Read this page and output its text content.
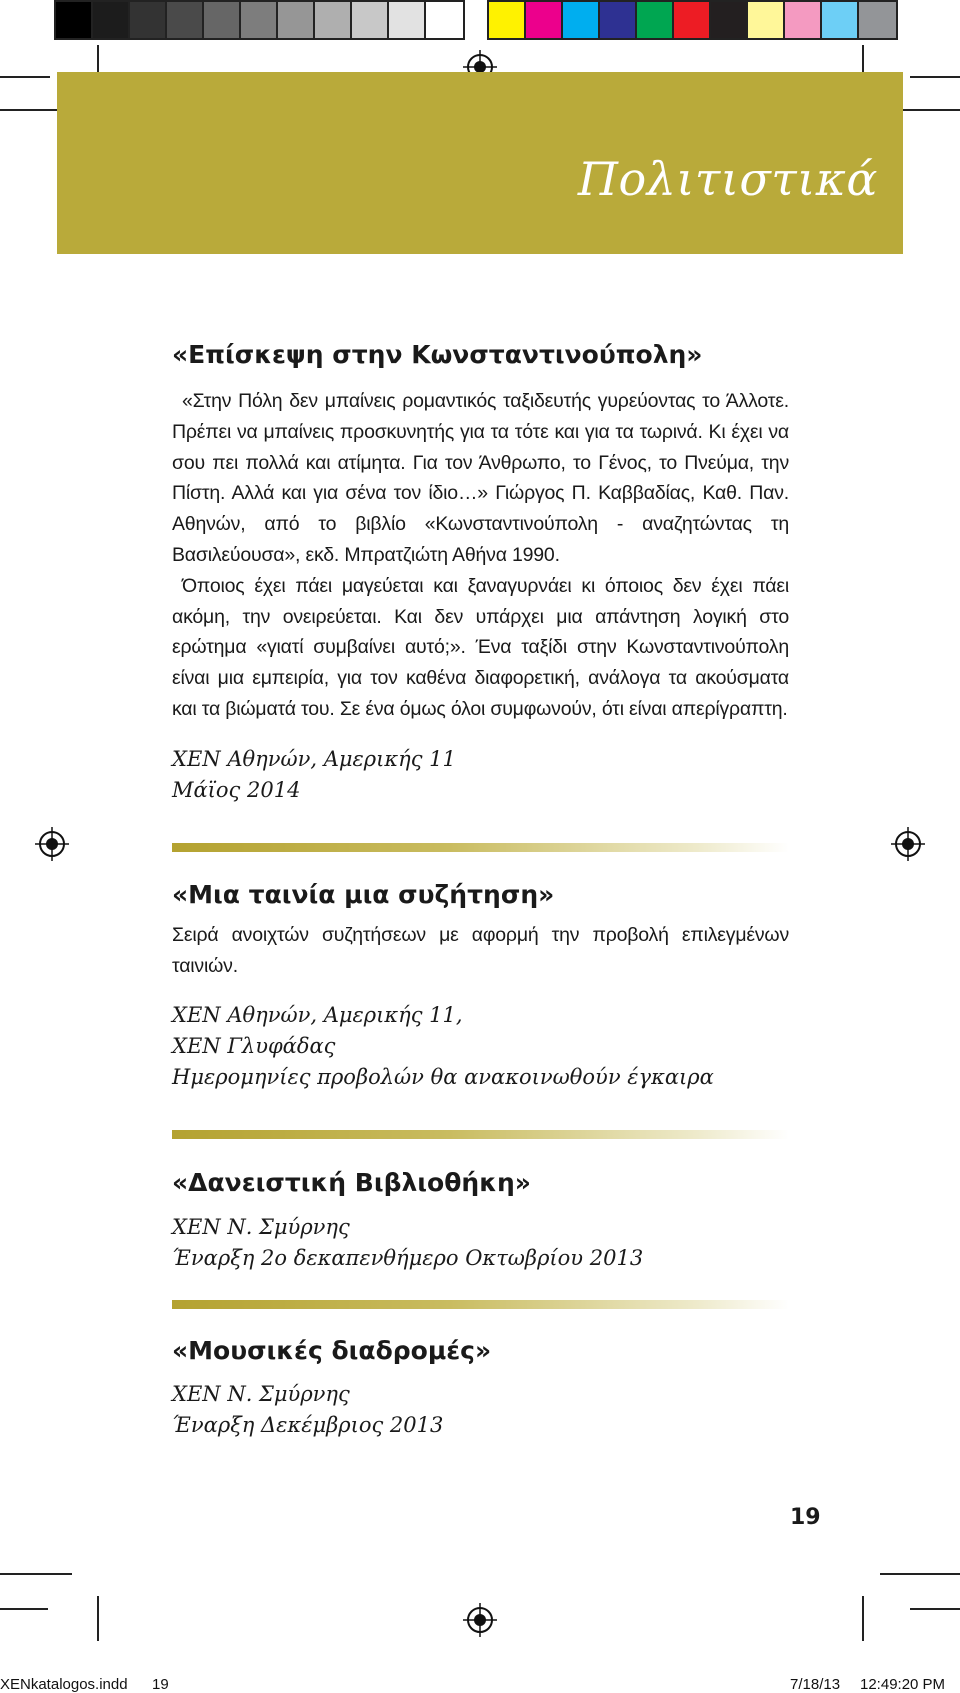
Πολιτιστικά
«Επίσκεψη στην Κωνσταντινούπολη»

«Στην Πόλη δεν μπαίνεις ρομαντικός ταξιδευτής γυρεύοντας το Άλλοτε. Πρέπει να μπαίνεις προσκυνητής για τα τότε και για τα τωρινά. Κι έχει να σου πει πολλά και ατίμητα. Για τον Άνθρωπο, το Γένος, το Πνεύμα, την Πίστη. Αλλά και για σένα τον ίδιο…» Γιώργος Π. Καββαδίας, Καθ. Παν. Αθηνών, από το βιβλίο «Κωνσταντινούπολη - αναζητώντας τη Βασιλεύουσα», εκδ. Μπρατζιώτη Αθήνα 1990.

Όποιος έχει πάει μαγεύεται και ξαναγυρνάει κι όποιος δεν έχει πάει ακόμη, την ονειρεύεται. Και δεν υπάρχει μια απάντηση λογική στο ερώτημα «γιατί συμβαίνει αυτό;». Ένα ταξίδι στην Κωνσταντινούπολη είναι μια εμπειρία, για τον καθένα διαφορετική, ανάλογα τα ακούσματα και τα βιώματά του. Σε ένα όμως όλοι συμφωνούν, ότι είναι απερίγραπτη.

ΧΕΝ Αθηνών, Αμερικής 11
Μάϊος 2014
«Μια ταινία μια συζήτηση»

Σειρά ανοιχτών συζητήσεων με αφορμή την προβολή επιλεγμένων ταινιών.

ΧΕΝ Αθηνών, Αμερικής 11,
ΧΕΝ Γλυφάδας
Ημερομηνίες προβολών θα ανακοινωθούν έγκαιρα
«Δανειστική Βιβλιοθήκη»
ΧΕΝ Ν. Σμύρνης
Έναρξη 2ο δεκαπενθήμερο Οκτωβρίου 2013
«Μουσικές διαδρομές»
ΧΕΝ Ν. Σμύρνης
Έναρξη Δεκέμβριος 2013
19
XENkatalogos.indd 19	7/18/13 12:49:20 PM
